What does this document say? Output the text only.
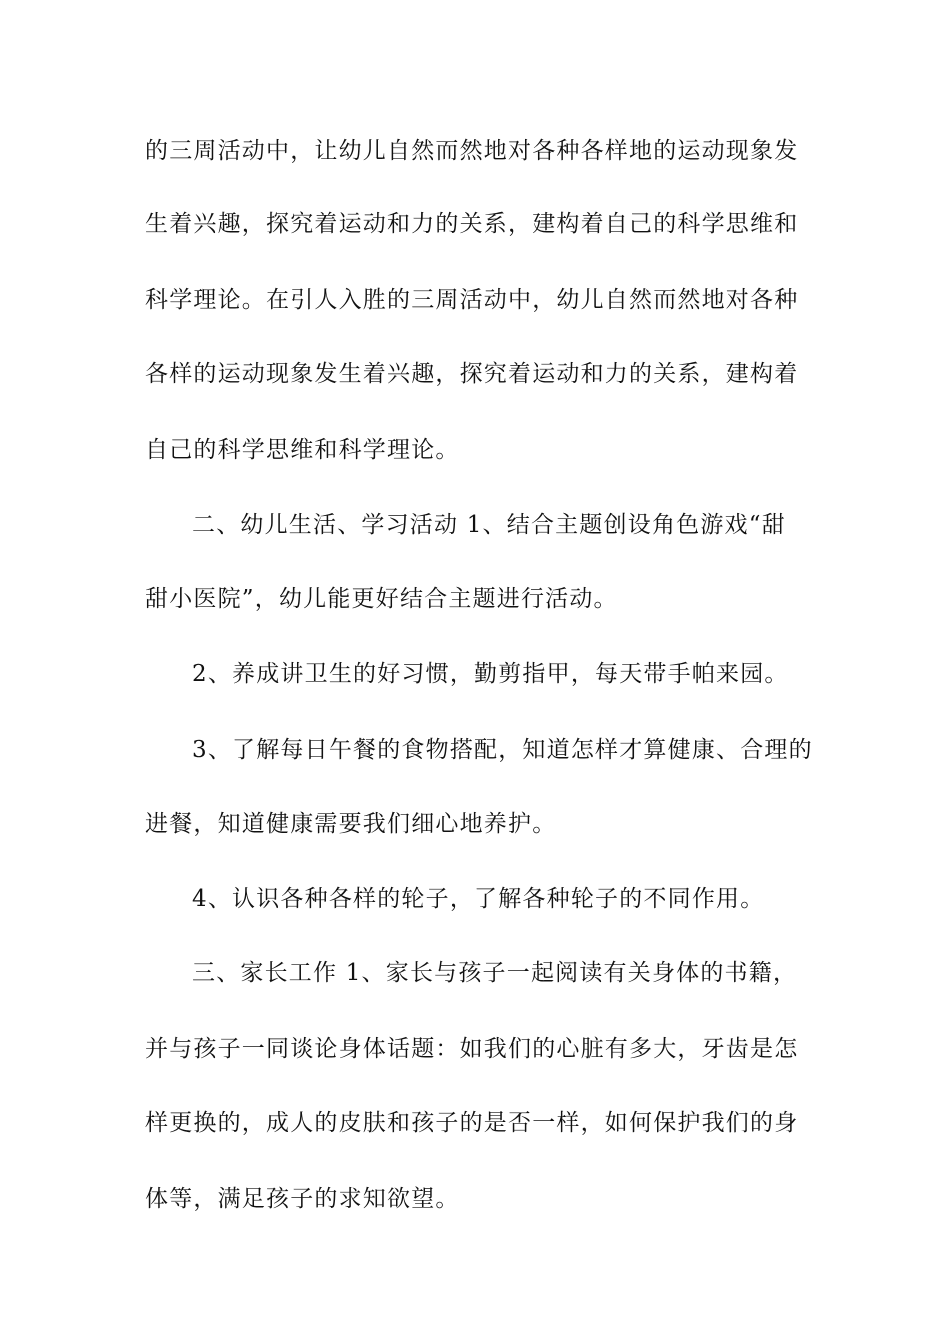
的三周活动中，让幼儿自然而然地对各种各样地的运动现象发
生着兴趣，探究着运动和力的关系，建构着自己的科学思维和
科学理论。在引人入胜的三周活动中，幼儿自然而然地对各种
各样的运动现象发生着兴趣，探究着运动和力的关系，建构着
自己的科学思维和科学理论。
二、幼儿生活、学习活动 1、结合主题创设角色游戏“甜
甜小医院”，幼儿能更好结合主题进行活动。
2、养成讲卫生的好习惯，勤剪指甲，每天带手帕来园。
3、了解每日午餐的食物搭配，知道怎样才算健康、合理的
进餐，知道健康需要我们细心地养护。
4、认识各种各样的轮子，了解各种轮子的不同作用。
三、家长工作 1、家长与孩子一起阅读有关身体的书籍，
并与孩子一同谈论身体话题：如我们的心脏有多大，牙齿是怎
样更换的，成人的皮肤和孩子的是否一样，如何保护我们的身
体等，满足孩子的求知欲望。
